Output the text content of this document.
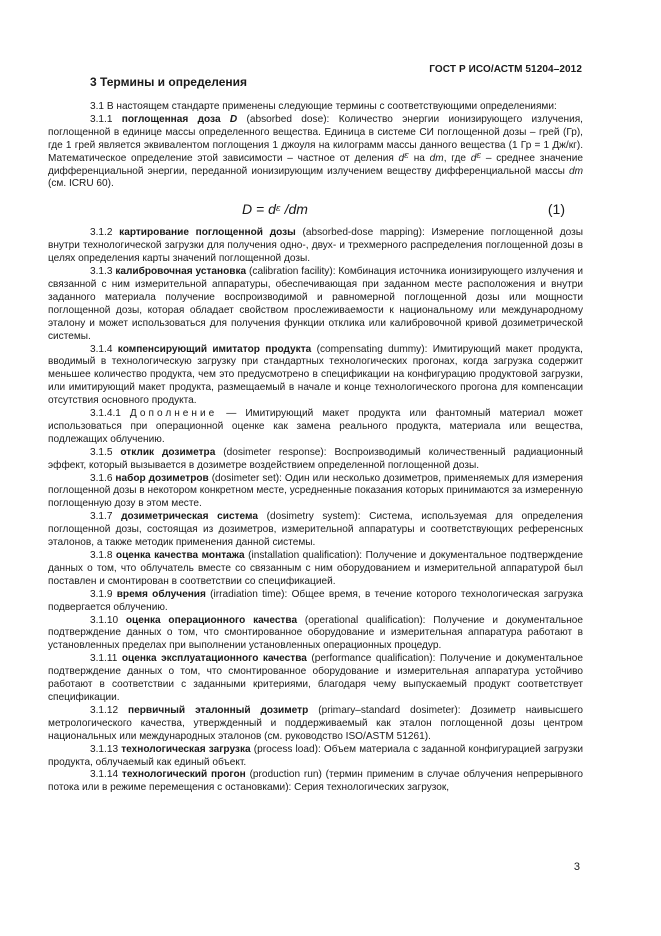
ГОСТ Р ИСО/АСТМ 51204–2012
3 Термины и определения

3.1 В настоящем стандарте применены следующие термины с соответствующими определениями:

3.1.1 поглощенная доза D (absorbed dose): Количество энергии ионизирующего излучения, поглощенной в единице массы определенного вещества. Единица в системе СИ поглощенной дозы – грей (Гр), где 1 грей является эквивалентом поглощения 1 джоуля на килограмм массы данного вещества (1 Гр = 1 Дж/кг). Математическое определение этой зависимости – частное от деления dε на dm, где dε – среднее значение дифференциальной энергии, переданной ионизирующим излучением веществу дифференциальной массы dm (см. ICRU 60).

$D = d^\varepsilon$ /dm	(1)

3.1.2 картирование поглощенной дозы (absorbed-dose mapping): Измерение поглощенной дозы внутри технологической загрузки для получения одно-, двух- и трехмерного распределения поглощенной дозы в целях определения карты значений поглощенной дозы.

3.1.3 калибровочная установка (calibration facility): Комбинация источника ионизирующего излучения и связанной с ним измерительной аппаратуры, обеспечивающая при заданном месте расположения и внутри заданного материала получение воспроизводимой и равномерной поглощенной дозы или мощности поглощенной дозы, которая обладает свойством прослеживаемости к национальному или международному эталону и может использоваться для получения функции отклика или калибровочной кривой дозиметрической системы.

3.1.4 компенсирующий имитатор продукта (compensating dummy): Имитирующий макет продукта, вводимый в технологическую загрузку при стандартных технологических прогонах, когда загрузка содержит меньшее количество продукта, чем это предусмотрено в спецификации на конфигурацию продуктовой загрузки, или имитирующий макет продукта, размещаемый в начале и конце технологического прогона для компенсации отсутствия основного продукта.

3.1.4.1 Дополнение — Имитирующий макет продукта или фантомный материал может использоваться при операционной оценке как замена реального продукта, материала или вещества, подлежащих облучению.

3.1.5 отклик дозиметра (dosimeter response): Воспроизводимый количественный радиационный эффект, который вызывается в дозиметре воздействием определенной поглощенной дозы.

3.1.6 набор дозиметров (dosimeter set): Один или несколько дозиметров, применяемых для измерения поглощенной дозы в некотором конкретном месте, усредненные показания которых принимаются за измеренную поглощенную дозу в этом месте.

3.1.7 дозиметрическая система (dosimetry system): Система, используемая для определения поглощенной дозы, состоящая из дозиметров, измерительной аппаратуры и соответствующих референсных эталонов, а также методик применения данной системы.

3.1.8 оценка качества монтажа (installation qualification): Получение и документальное подтверждение данных о том, что облучатель вместе со связанным с ним оборудованием и измерительной аппаратурой был поставлен и смонтирован в соответствии со спецификацией.

3.1.9 время облучения (irradiation time): Общее время, в течение которого технологическая загрузка подвергается облучению.

3.1.10 оценка операционного качества (operational qualification): Получение и документальное подтверждение данных о том, что смонтированное оборудование и измерительная аппаратура работают в установленных пределах при выполнении установленных операционных процедур.

3.1.11 оценка эксплуатационного качества (performance qualification): Получение и документальное подтверждение данных о том, что смонтированное оборудование и измерительная аппаратура устойчиво работают в соответствии с заданными критериями, благодаря чему выпускаемый продукт соответствует спецификации.

3.1.12 первичный эталонный дозиметр (primary–standard dosimeter): Дозиметр наивысшего метрологического качества, утвержденный и поддерживаемый как эталон поглощенной дозы центром национальных или международных эталонов (см. руководство ISO/ASTM 51261).

3.1.13 технологическая загрузка (process load): Объем материала с заданной конфигурацией загрузки продукта, облучаемый как единый объект.

3.1.14 технологический прогон (production run) (термин применим в случае облучения непрерывного потока или в режиме перемещения с остановками): Серия технологических загрузок,

3
